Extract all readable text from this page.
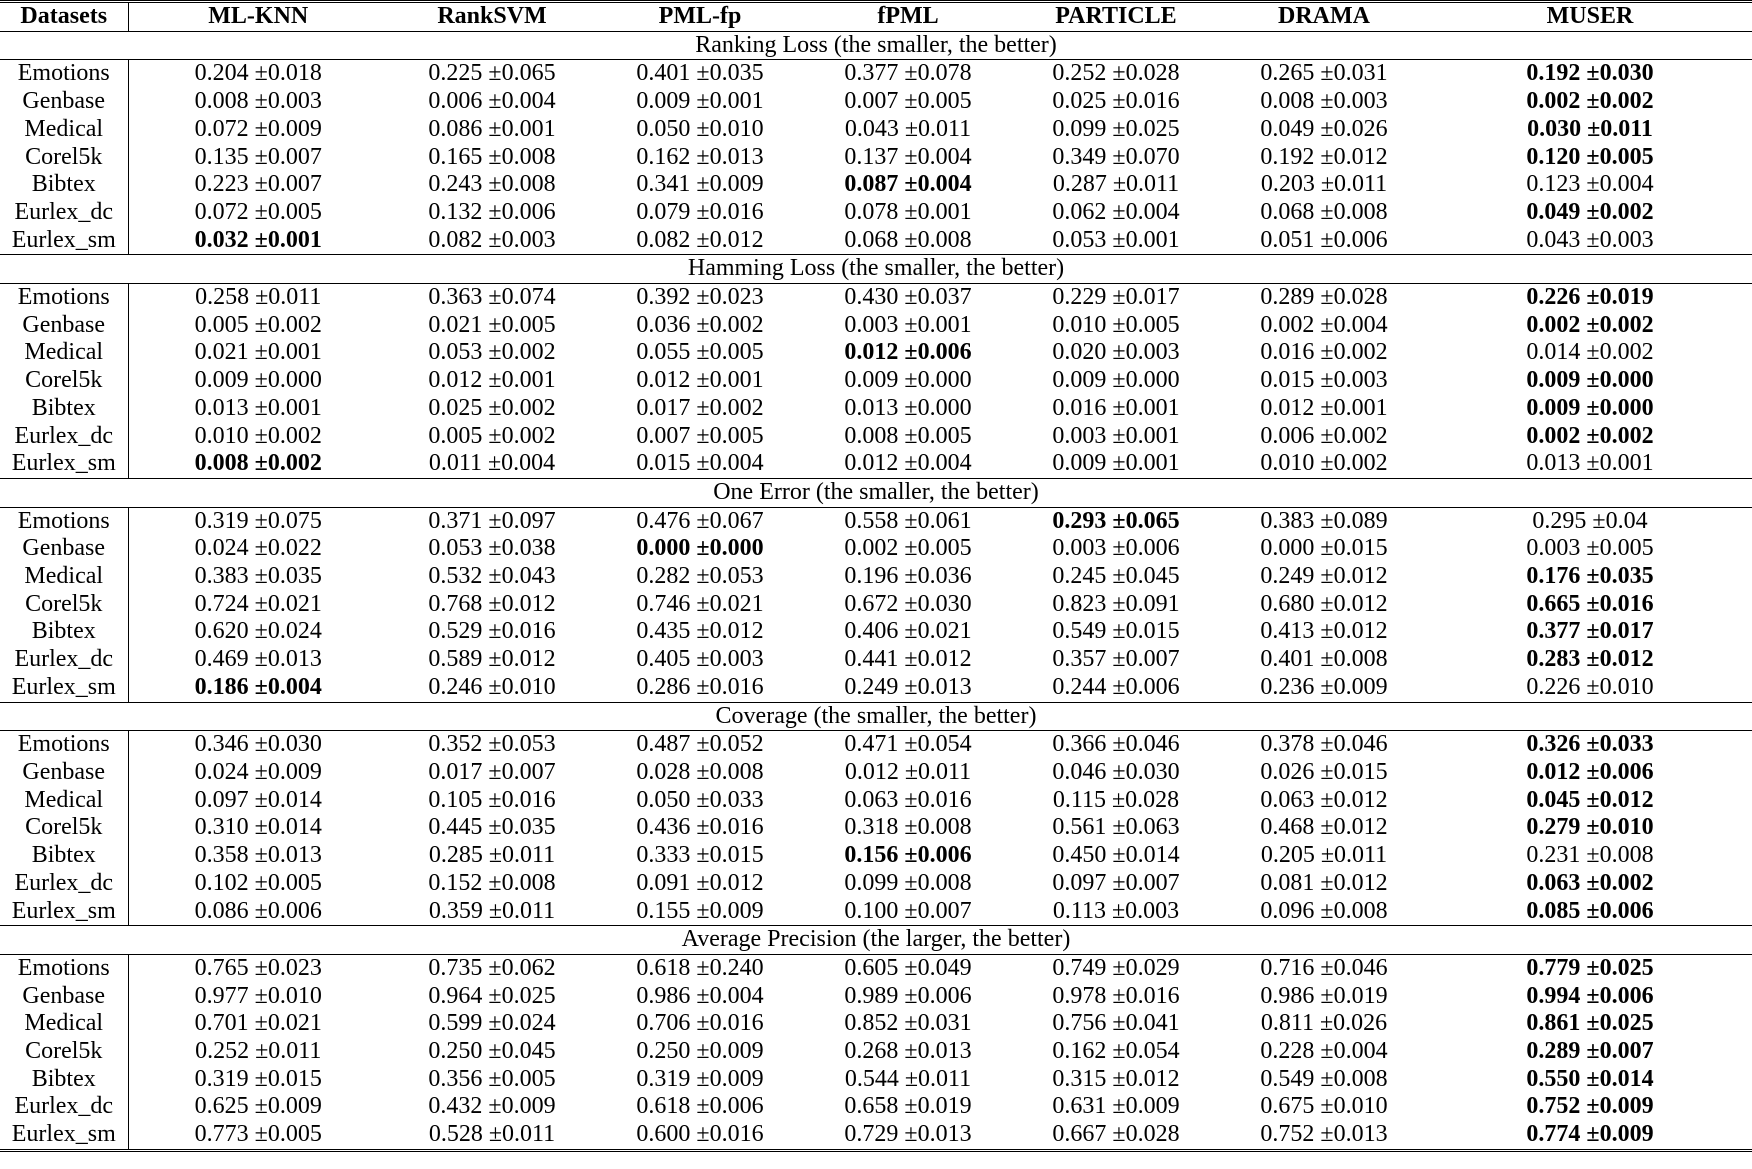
Datasets	ML-KNN	RankSVM	PML-fp	fPML	PARTICLE	DRAMA	MUSER
Ranking Loss (the smaller, the better)							
Emotions	0.204 ±0.018	0.225 ±0.065	0.401 ±0.035	0.377 ±0.078	0.252 ±0.028	0.265 ±0.031	0.192 ±0.030
Genbase	0.008 ±0.003	0.006 ±0.004	0.009 ±0.001	0.007 ±0.005	0.025 ±0.016	0.008 ±0.003	0.002 ±0.002
Medical	0.072 ±0.009	0.086 ±0.001	0.050 ±0.010	0.043 ±0.011	0.099 ±0.025	0.049 ±0.026	0.030 ±0.011
Corel5k	0.135 ±0.007	0.165 ±0.008	0.162 ±0.013	0.137 ±0.004	0.349 ±0.070	0.192 ±0.012	0.120 ±0.005
Bibtex	0.223 ±0.007	0.243 ±0.008	0.341 ±0.009	0.087 ±0.004	0.287 ±0.011	0.203 ±0.011	0.123 ±0.004
Eurlex_dc	0.072 ±0.005	0.132 ±0.006	0.079 ±0.016	0.078 ±0.001	0.062 ±0.004	0.068 ±0.008	0.049 ±0.002
Eurlex_sm	0.032 ±0.001	0.082 ±0.003	0.082 ±0.012	0.068 ±0.008	0.053 ±0.001	0.051 ±0.006	0.043 ±0.003
Hamming Loss (the smaller, the better)							
Emotions	0.258 ±0.011	0.363 ±0.074	0.392 ±0.023	0.430 ±0.037	0.229 ±0.017	0.289 ±0.028	0.226 ±0.019
Genbase	0.005 ±0.002	0.021 ±0.005	0.036 ±0.002	0.003 ±0.001	0.010 ±0.005	0.002 ±0.004	0.002 ±0.002
Medical	0.021 ±0.001	0.053 ±0.002	0.055 ±0.005	0.012 ±0.006	0.020 ±0.003	0.016 ±0.002	0.014 ±0.002
Corel5k	0.009 ±0.000	0.012 ±0.001	0.012 ±0.001	0.009 ±0.000	0.009 ±0.000	0.015 ±0.003	0.009 ±0.000
Bibtex	0.013 ±0.001	0.025 ±0.002	0.017 ±0.002	0.013 ±0.000	0.016 ±0.001	0.012 ±0.001	0.009 ±0.000
Eurlex_dc	0.010 ±0.002	0.005 ±0.002	0.007 ±0.005	0.008 ±0.005	0.003 ±0.001	0.006 ±0.002	0.002 ±0.002
Eurlex_sm	0.008 ±0.002	0.011 ±0.004	0.015 ±0.004	0.012 ±0.004	0.009 ±0.001	0.010 ±0.002	0.013 ±0.001
One Error (the smaller, the better)							
Emotions	0.319 ±0.075	0.371 ±0.097	0.476 ±0.067	0.558 ±0.061	0.293 ±0.065	0.383 ±0.089	0.295 ±0.04
Genbase	0.024 ±0.022	0.053 ±0.038	0.000 ±0.000	0.002 ±0.005	0.003 ±0.006	0.000 ±0.015	0.003 ±0.005
Medical	0.383 ±0.035	0.532 ±0.043	0.282 ±0.053	0.196 ±0.036	0.245 ±0.045	0.249 ±0.012	0.176 ±0.035
Corel5k	0.724 ±0.021	0.768 ±0.012	0.746 ±0.021	0.672 ±0.030	0.823 ±0.091	0.680 ±0.012	0.665 ±0.016
Bibtex	0.620 ±0.024	0.529 ±0.016	0.435 ±0.012	0.406 ±0.021	0.549 ±0.015	0.413 ±0.012	0.377 ±0.017
Eurlex_dc	0.469 ±0.013	0.589 ±0.012	0.405 ±0.003	0.441 ±0.012	0.357 ±0.007	0.401 ±0.008	0.283 ±0.012
Eurlex_sm	0.186 ±0.004	0.246 ±0.010	0.286 ±0.016	0.249 ±0.013	0.244 ±0.006	0.236 ±0.009	0.226 ±0.010
Coverage (the smaller, the better)							
Emotions	0.346 ±0.030	0.352 ±0.053	0.487 ±0.052	0.471 ±0.054	0.366 ±0.046	0.378 ±0.046	0.326 ±0.033
Genbase	0.024 ±0.009	0.017 ±0.007	0.028 ±0.008	0.012 ±0.011	0.046 ±0.030	0.026 ±0.015	0.012 ±0.006
Medical	0.097 ±0.014	0.105 ±0.016	0.050 ±0.033	0.063 ±0.016	0.115 ±0.028	0.063 ±0.012	0.045 ±0.012
Corel5k	0.310 ±0.014	0.445 ±0.035	0.436 ±0.016	0.318 ±0.008	0.561 ±0.063	0.468 ±0.012	0.279 ±0.010
Bibtex	0.358 ±0.013	0.285 ±0.011	0.333 ±0.015	0.156 ±0.006	0.450 ±0.014	0.205 ±0.011	0.231 ±0.008
Eurlex_dc	0.102 ±0.005	0.152 ±0.008	0.091 ±0.012	0.099 ±0.008	0.097 ±0.007	0.081 ±0.012	0.063 ±0.002
Eurlex_sm	0.086 ±0.006	0.359 ±0.011	0.155 ±0.009	0.100 ±0.007	0.113 ±0.003	0.096 ±0.008	0.085 ±0.006
Average Precision (the larger, the better)							
Emotions	0.765 ±0.023	0.735 ±0.062	0.618 ±0.240	0.605 ±0.049	0.749 ±0.029	0.716 ±0.046	0.779 ±0.025
Genbase	0.977 ±0.010	0.964 ±0.025	0.986 ±0.004	0.989 ±0.006	0.978 ±0.016	0.986 ±0.019	0.994 ±0.006
Medical	0.701 ±0.021	0.599 ±0.024	0.706 ±0.016	0.852 ±0.031	0.756 ±0.041	0.811 ±0.026	0.861 ±0.025
Corel5k	0.252 ±0.011	0.250 ±0.045	0.250 ±0.009	0.268 ±0.013	0.162 ±0.054	0.228 ±0.004	0.289 ±0.007
Bibtex	0.319 ±0.015	0.356 ±0.005	0.319 ±0.009	0.544 ±0.011	0.315 ±0.012	0.549 ±0.008	0.550 ±0.014
Eurlex_dc	0.625 ±0.009	0.432 ±0.009	0.618 ±0.006	0.658 ±0.019	0.631 ±0.009	0.675 ±0.010	0.752 ±0.009
Eurlex_sm	0.773 ±0.005	0.528 ±0.011	0.600 ±0.016	0.729 ±0.013	0.667 ±0.028	0.752 ±0.013	0.774 ±0.009
